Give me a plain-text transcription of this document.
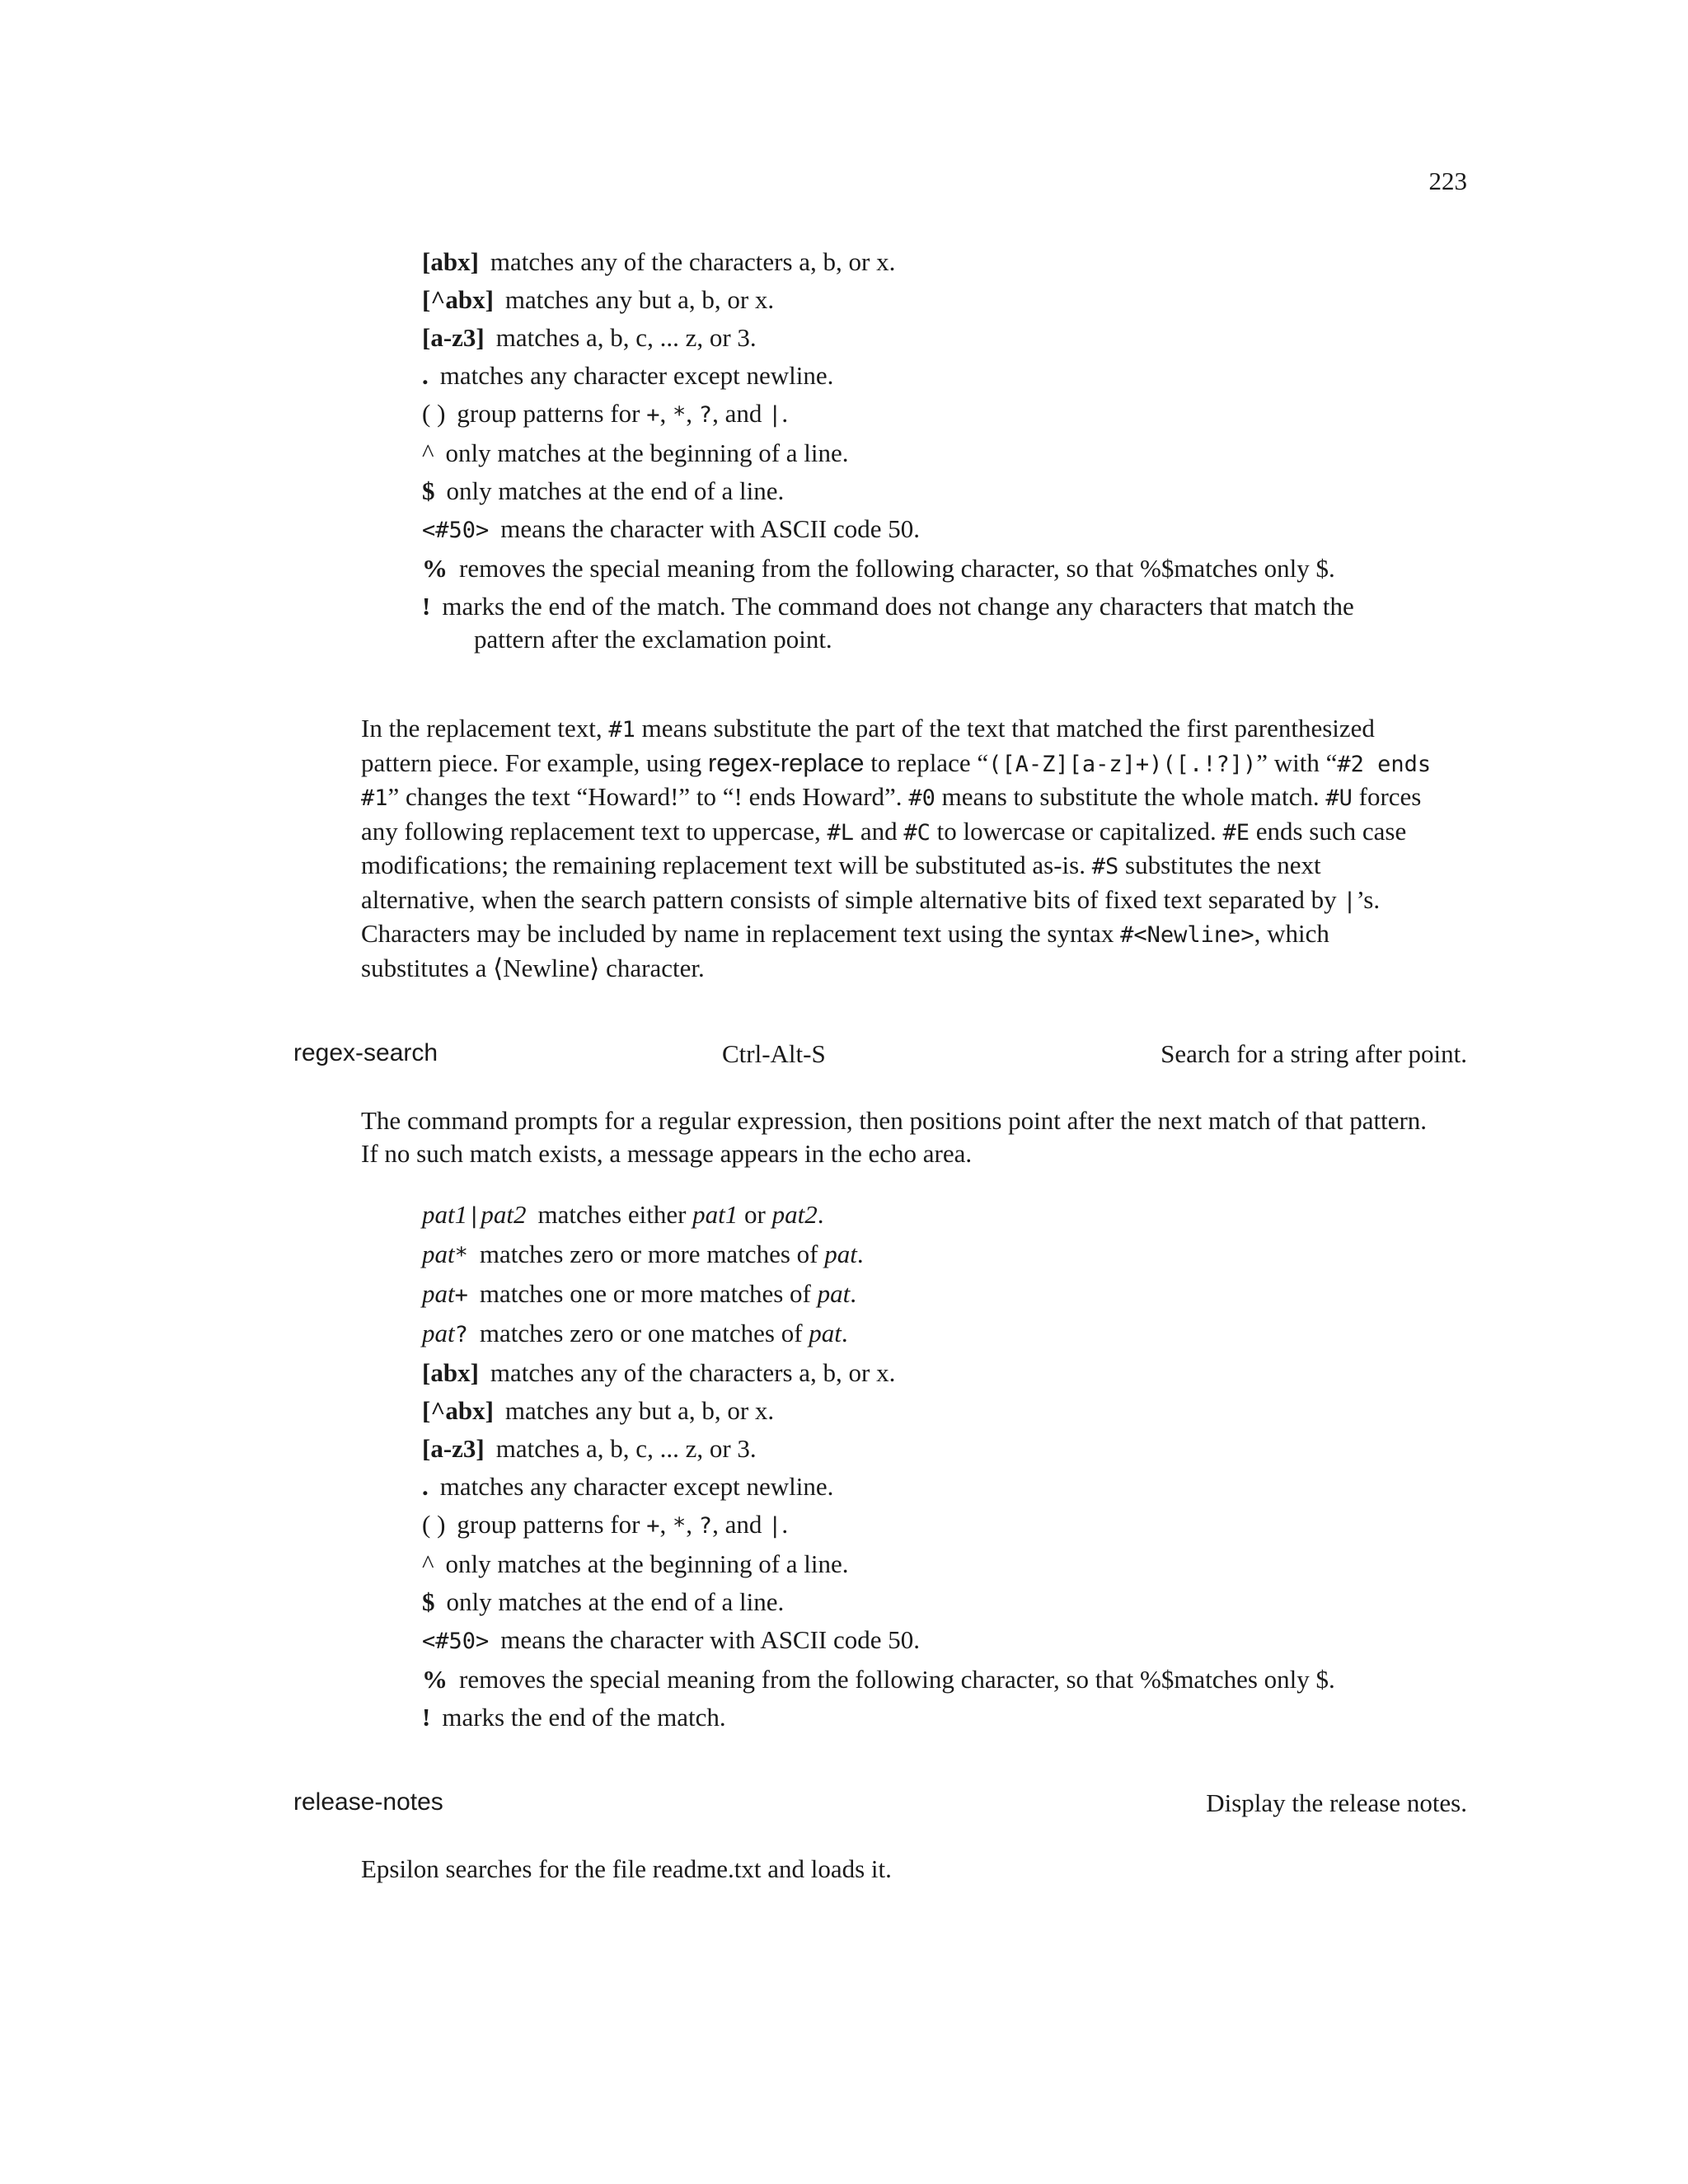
223

[abx] matches any of the characters a, b, or x.

[^abx] matches any but a, b, or x.

[a-z3] matches a, b, c, ... z, or 3.

. matches any character except newline.

( ) group patterns for +, *, ?, and |.

^ only matches at the beginning of a line.

$ only matches at the end of a line.

<#50> means the character with ASCII code 50.

% removes the special meaning from the following character, so that %$matches only $.

! marks the end of the match. The command does not change any characters that match the pattern after the exclamation point.

In the replacement text, #1 means substitute the part of the text that matched the first parenthesized pattern piece. For example, using regex-replace to replace “([A-Z][a-z]+)([.!?])” with “#2 ends #1” changes the text “Howard!” to “! ends Howard”. #0 means to substitute the whole match. #U forces any following replacement text to uppercase, #L and #C to lowercase or capitalized. #E ends such case modifications; the remaining replacement text will be substituted as-is. #S substitutes the next alternative, when the search pattern consists of simple alternative bits of fixed text separated by |’s. Characters may be included by name in replacement text using the syntax #<Newline>, which substitutes a ⟨Newline⟩ character.

regex-search	Ctrl-Alt-S	Search for a string after point.

The command prompts for a regular expression, then positions point after the next match of that pattern. If no such match exists, a message appears in the echo area.

pat1|pat2 matches either pat1 or pat2.

pat* matches zero or more matches of pat.

pat+ matches one or more matches of pat.

pat? matches zero or one matches of pat.

[abx] matches any of the characters a, b, or x.

[^abx] matches any but a, b, or x.

[a-z3] matches a, b, c, ... z, or 3.

. matches any character except newline.

( ) group patterns for +, *, ?, and |.

^ only matches at the beginning of a line.

$ only matches at the end of a line.

<#50> means the character with ASCII code 50.

% removes the special meaning from the following character, so that %$matches only $.

! marks the end of the match.

release-notes	Display the release notes.

Epsilon searches for the file readme.txt and loads it.
